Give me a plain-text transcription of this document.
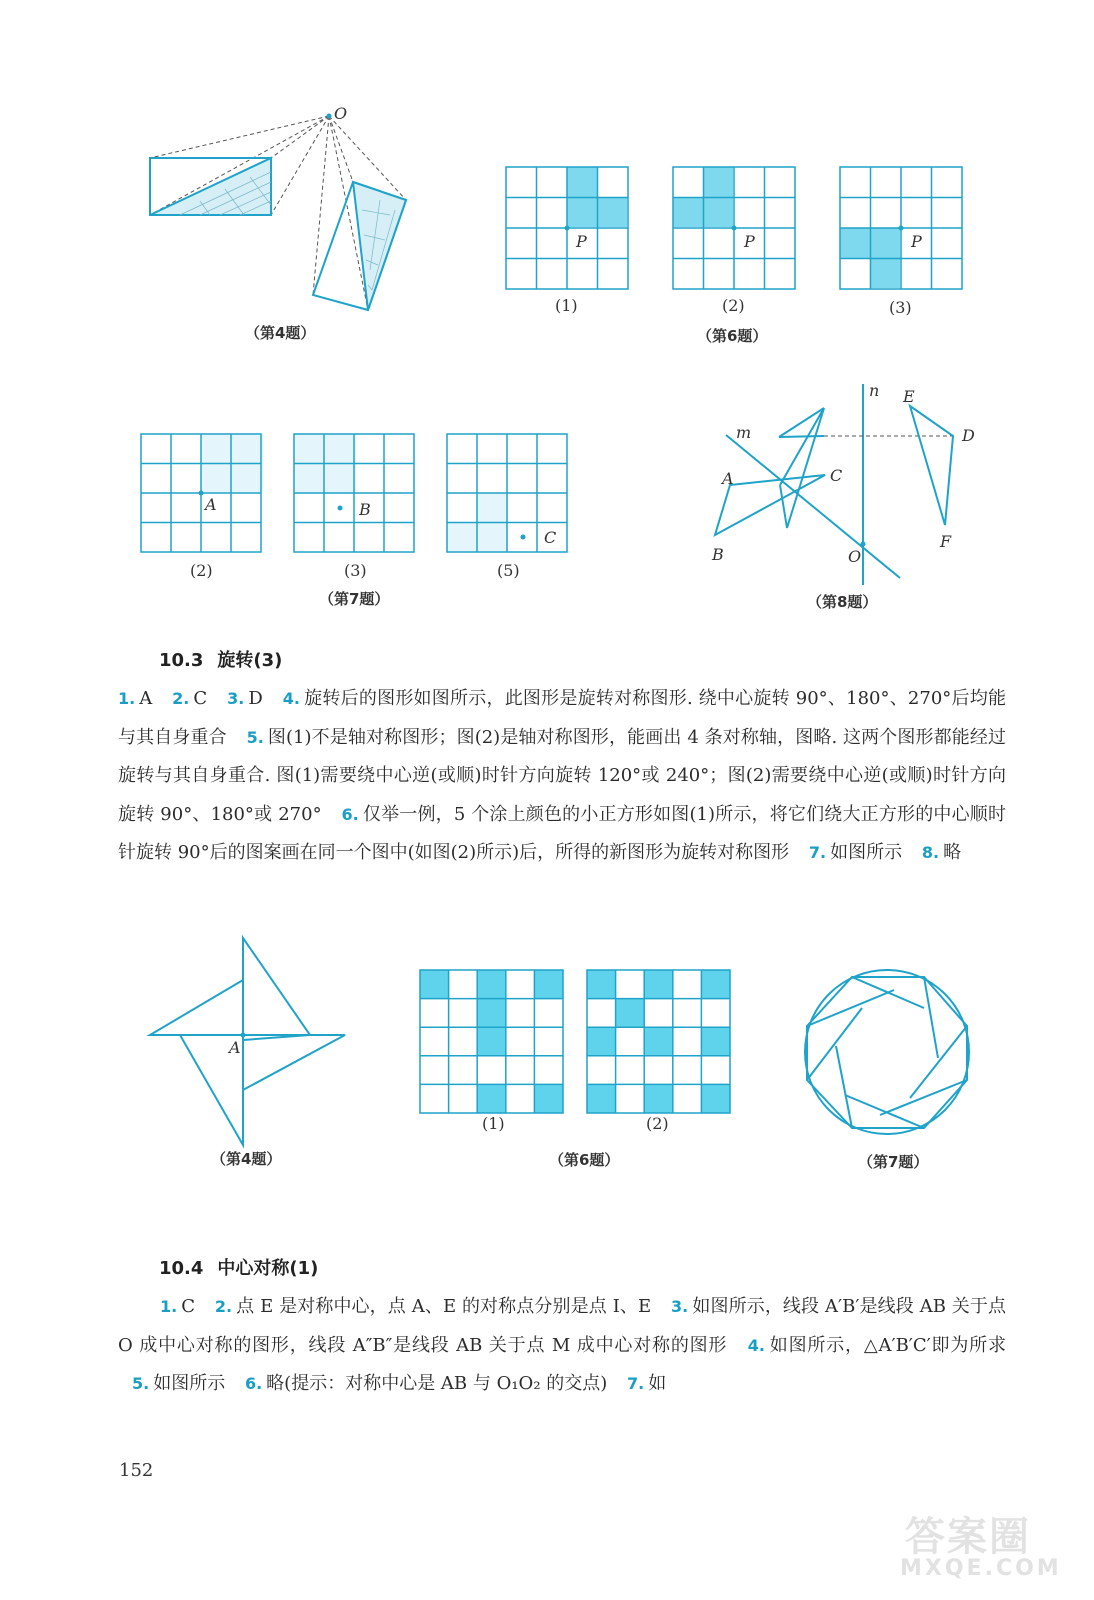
O
（第4题）
P	P	P
(1)	(2)	(3)
（第6题）
A	B
C
(2)	(3)	(5)
（第7题）
n
m
E
D
A	C
B	O
F
（第8题）
10.3 旋转(3)
1. A 2. C 3. D 4. 旋转后的图形如图所示，此图形是旋转对称图形. 绕中心旋转 90°、180°、270°后均能与其自身重合 5. 图(1)不是轴对称图形；图(2)是轴对称图形，能画出 4 条对称轴，图略. 这两个图形都能经过旋转与其自身重合. 图(1)需要绕中心逆(或顺)时针方向旋转 120°或 240°；图(2)需要绕中心逆(或顺)时针方向旋转 90°、180°或 270° 6. 仅举一例，5 个涂上颜色的小正方形如图(1)所示，将它们绕大正方形的中心顺时针旋转 90°后的图案画在同一个图中(如图(2)所示)后，所得的新图形为旋转对称图形 7. 如图所示 8. 略
A
（第4题）
(1)	(2)
（第6题）	（第7题）
10.4 中心对称(1)
1. C 2. 点 E 是对称中心，点 A、E 的对称点分别是点 I、E 3. 如图所示，线段 A′B′是线段 AB 关于点 O 成中心对称的图形，线段 A″B″是线段 AB 关于点 M 成中心对称的图形 4. 如图所示，△A′B′C′即为所求 5. 如图所示 6. 略(提示：对称中心是 AB 与 O₁O₂ 的交点) 7. 如
152
答案圈
MXQE.COM
